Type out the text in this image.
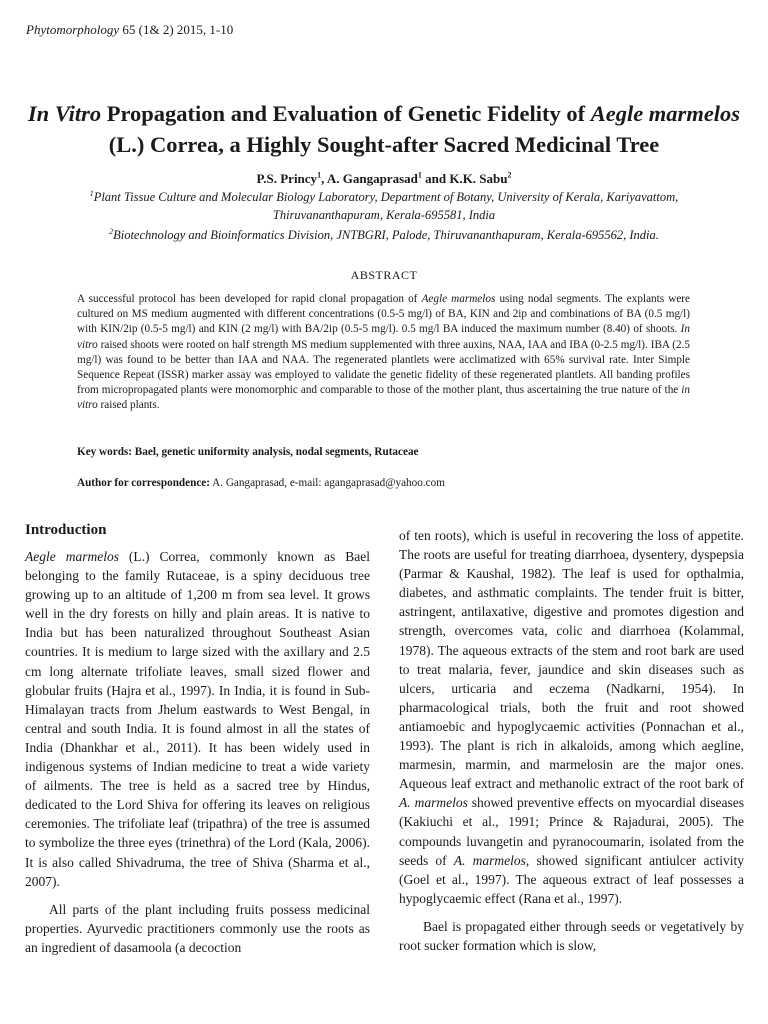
Phytomorphology 65 (1& 2) 2015, 1-10
In Vitro Propagation and Evaluation of Genetic Fidelity of Aegle marmelos (L.) Correa, a Highly Sought-after Sacred Medicinal Tree
P.S. Princy$^1$, A. Gangaprasad$^1$ and K.K. Sabu$^2$
$^1$Plant Tissue Culture and Molecular Biology Laboratory, Department of Botany, University of Kerala, Kariyavattom,
Thiruvananthapuram, Kerala-695581, India
$^2$Biotechnology and Bioinformatics Division, JNTBGRI, Palode, Thiruvananthapuram, Kerala-695562, India.
ABSTRACT
A successful protocol has been developed for rapid clonal propagation of Aegle marmelos using nodal segments. The explants were cultured on MS medium augmented with different concentrations (0.5-5 mg/l) of BA, KIN and 2ip and combinations of BA (0.5 mg/l) with KIN/2ip (0.5-5 mg/l) and KIN (2 mg/l) with BA/2ip (0.5-5 mg/l). 0.5 mg/l BA induced the maximum number (8.40) of shoots. In vitro raised shoots were rooted on half strength MS medium supplemented with three auxins, NAA, IAA and IBA (0-2.5 mg/l). IBA (2.5 mg/l) was found to be better than IAA and NAA. The regenerated plantlets were acclimatized with 65% survival rate. Inter Simple Sequence Repeat (ISSR) marker assay was employed to validate the genetic fidelity of these regenerated plantlets. All banding profiles from micropropagated plants were monomorphic and comparable to those of the mother plant, thus ascertaining the true nature of the in vitro raised plants.
Key words: Bael, genetic uniformity analysis, nodal segments, Rutaceae
Author for correspondence: A. Gangaprasad, e-mail: agangaprasad@yahoo.com
Introduction

Aegle marmelos (L.) Correa, commonly known as Bael belonging to the family Rutaceae, is a spiny deciduous tree growing up to an altitude of 1,200 m from sea level. It grows well in the dry forests on hilly and plain areas. It is native to India but has been naturalized throughout Southeast Asian countries. It is medium to large sized with the axillary and 2.5 cm long alternate trifoliate leaves, small sized flower and globular fruits (Hajra et al., 1997). In India, it is found in Sub-Himalayan tracts from Jhelum eastwards to West Bengal, in central and south India. It is found almost in all the states of India (Dhankhar et al., 2011). It has been widely used in indigenous systems of Indian medicine to treat a wide variety of ailments. The tree is held as a sacred tree by Hindus, dedicated to the Lord Shiva for offering its leaves on religious ceremonies. The trifoliate leaf (tripathra) of the tree is assumed to symbolize the three eyes (trinethra) of the Lord (Kala, 2006). It is also called Shivadruma, the tree of Shiva (Sharma et al., 2007).

All parts of the plant including fruits possess medicinal properties. Ayurvedic practitioners commonly use the roots as an ingredient of dasamoola (a decoction

of ten roots), which is useful in recovering the loss of appetite. The roots are useful for treating diarrhoea, dysentery, dyspepsia (Parmar & Kaushal, 1982). The leaf is used for opthalmia, diabetes, and asthmatic complaints. The tender fruit is bitter, astringent, antilaxative, digestive and promotes digestion and strength, overcomes vata, colic and diarrhoea (Kolammal, 1978). The aqueous extracts of the stem and root bark are used to treat malaria, fever, jaundice and skin diseases such as ulcers, urticaria and eczema (Nadkarni, 1954). In pharmacological trials, both the fruit and root showed antiamoebic and hypoglycaemic activities (Ponnachan et al., 1993). The plant is rich in alkaloids, among which aegline, marmesin, marmin, and marmelosin are the major ones. Aqueous leaf extract and methanolic extract of the root bark of A. marmelos showed preventive effects on myocardial diseases (Kakiuchi et al., 1991; Prince & Rajadurai, 2005). The compounds luvangetin and pyranocoumarin, isolated from the seeds of A. marmelos, showed significant antiulcer activity (Goel et al., 1997). The aqueous extract of leaf possesses a hypoglycaemic effect (Rana et al., 1997).

Bael is propagated either through seeds or vegetatively by root sucker formation which is slow,
